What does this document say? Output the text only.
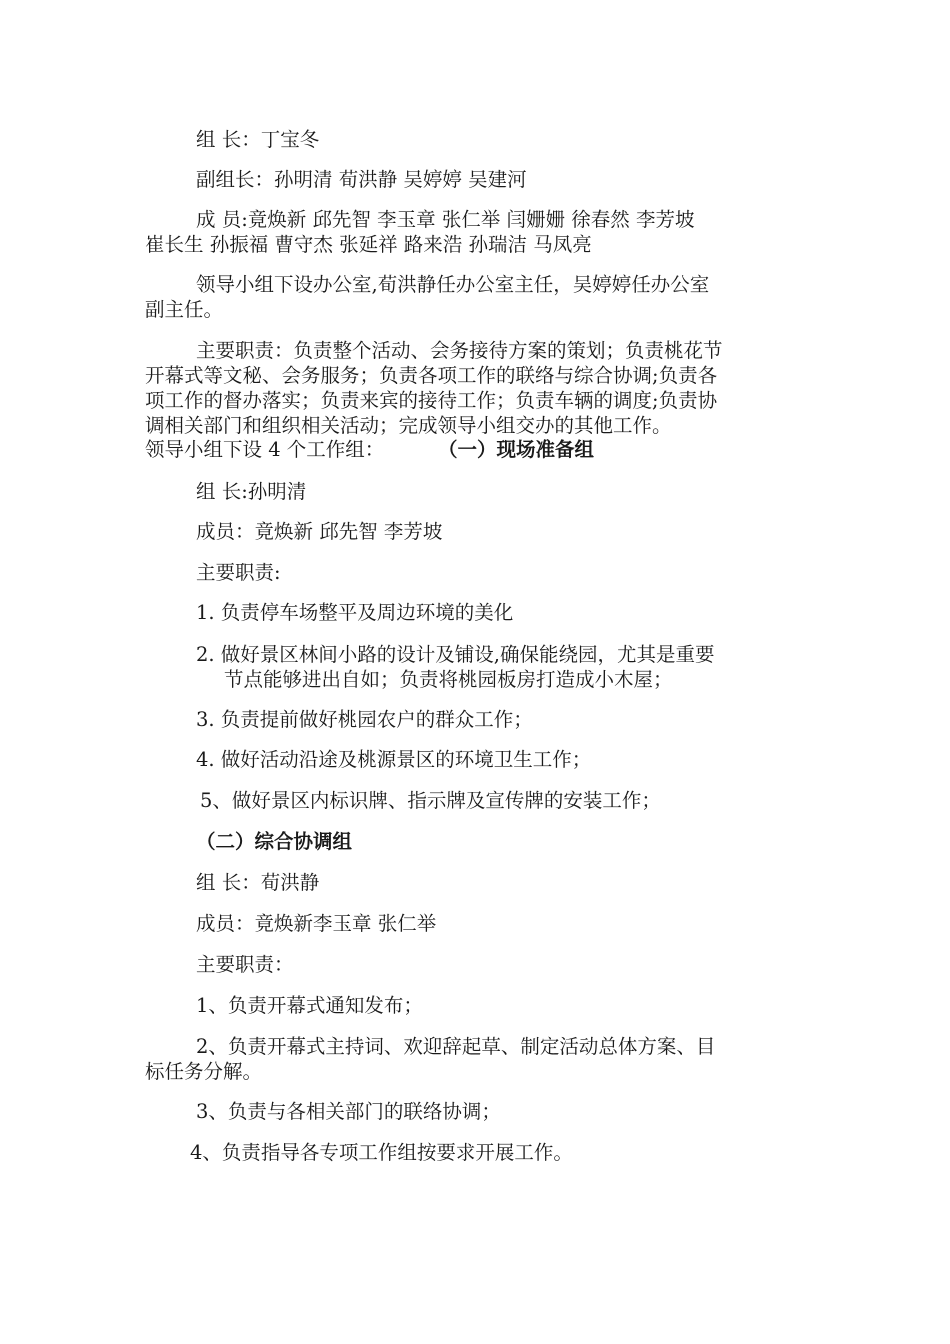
组 长：丁宝冬
副组长：孙明清 荀洪静 吴婷婷 吴建河
成 员:竟焕新 邱先智 李玉章 张仁举 闫姗姗 徐春然 李芳坡
崔长生 孙振福 曹守杰 张延祥 路来浩 孙瑞洁 马凤亮
领导小组下设办公室,荀洪静任办公室主任，吴婷婷任办公室
副主任。
主要职责：负责整个活动、会务接待方案的策划；负责桃花节
开幕式等文秘、会务服务；负责各项工作的联络与综合协调;负责各
项工作的督办落实；负责来宾的接待工作；负责车辆的调度;负责协
调相关部门和组织相关活动；完成领导小组交办的其他工作。
领导小组下设 4 个工作组：	（一）现场准备组
组 长:孙明清
成员：竟焕新 邱先智 李芳坡
主要职责:
1. 负责停车场整平及周边环境的美化
2. 做好景区林间小路的设计及铺设,确保能绕园，尤其是重要
节点能够进出自如；负责将桃园板房打造成小木屋；
3. 负责提前做好桃园农户的群众工作；
4. 做好活动沿途及桃源景区的环境卫生工作；
5、做好景区内标识牌、指示牌及宣传牌的安装工作；
（二）综合协调组
组 长：荀洪静
成员：竟焕新李玉章 张仁举
主要职责：
1、负责开幕式通知发布；
2、负责开幕式主持词、欢迎辞起草、制定活动总体方案、目
标任务分解。
3、负责与各相关部门的联络协调；
4、负责指导各专项工作组按要求开展工作。
